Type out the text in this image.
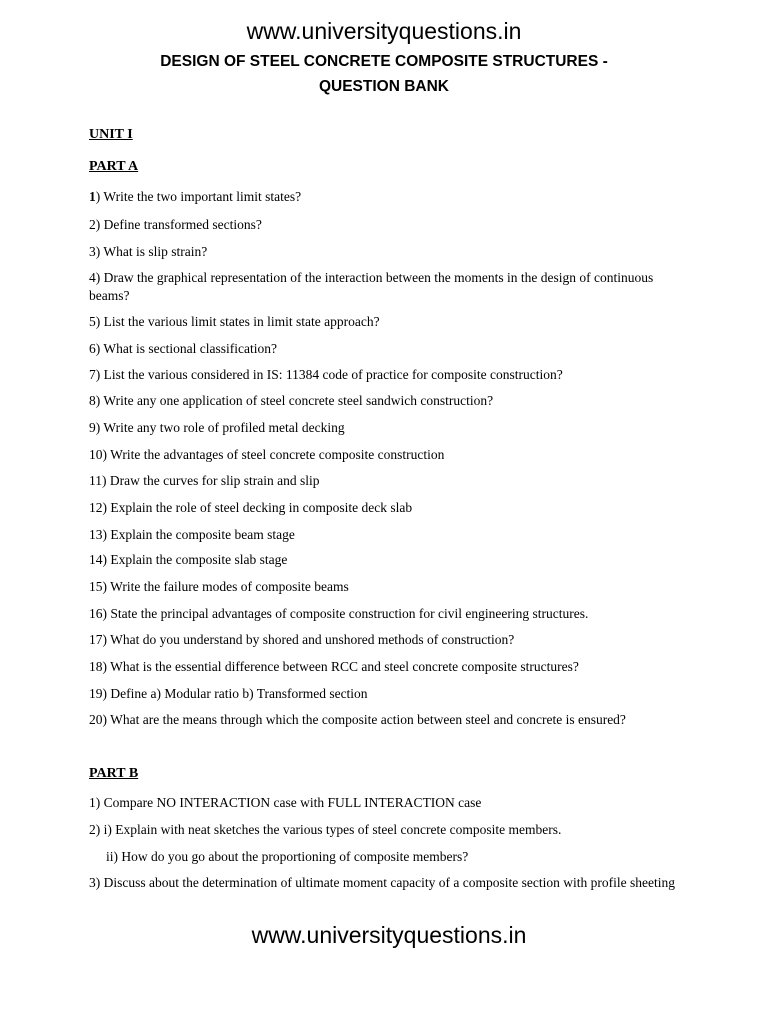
www.universityquestions.in
DESIGN OF STEEL CONCRETE COMPOSITE STRUCTURES -
QUESTION BANK
UNIT I
PART A
1) Write the two important limit states?
2) Define transformed sections?
3) What is slip strain?
4) Draw the graphical representation of the interaction between the moments in the design of continuous beams?
5) List the various limit states in limit state approach?
6) What is sectional classification?
7) List the various considered in IS: 11384 code of practice for composite construction?
8) Write any one application of steel concrete steel sandwich construction?
9) Write any two role of profiled metal decking
10) Write the advantages of steel concrete composite construction
11) Draw the curves for slip strain and slip
12) Explain the role of steel decking in composite deck slab
13) Explain the composite beam stage
14) Explain the composite slab stage
15) Write the failure modes of composite beams
16) State the principal advantages of composite construction for civil engineering structures.
17) What do you understand by shored and unshored methods of construction?
18) What is the essential difference between RCC and steel concrete composite structures?
19) Define a) Modular ratio b) Transformed section
20) What are the means through which the composite action between steel and concrete is ensured?
PART B
1) Compare NO INTERACTION case with FULL INTERACTION case
2) i) Explain with neat sketches the various types of steel concrete composite members.
ii) How do you go about the proportioning of composite members?
3) Discuss about the determination of ultimate moment capacity of a composite section with profile sheeting
www.universityquestions.in
